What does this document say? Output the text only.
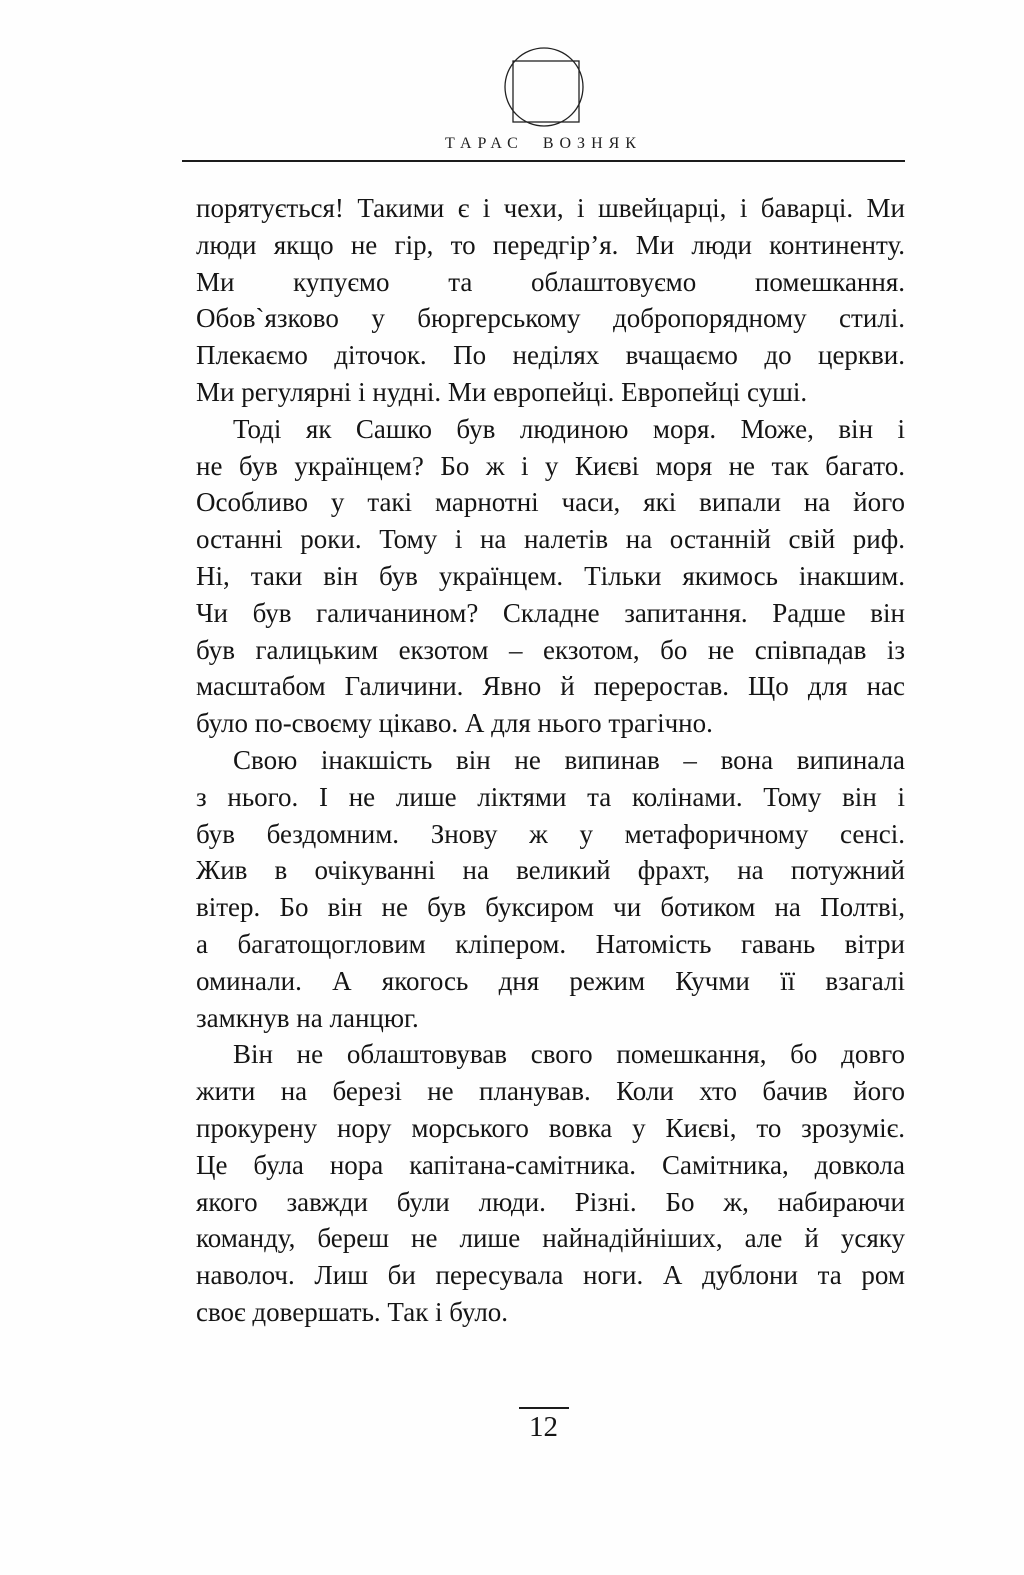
ТАРАС ВОЗНЯК
порятується! Такими є і чехи, і швейцарці, і баварці. Ми
люди якщо не гір, то передгір’я. Ми люди континенту.
Ми купуємо та облаштовуємо помешкання.
Обов`язково у бюргерському добропорядному стилі.
Плекаємо діточок. По неділях вчащаємо до церкви.
Ми регулярні і нудні. Ми европейці. Европейці суші.
Тоді як Сашко був людиною моря. Може, він і
не був українцем? Бо ж і у Києві моря не так багато.
Особливо у такі марнотні часи, які випали на його
останні роки. Тому і на налетів на останній свій риф.
Ні, таки він був українцем. Тільки якимось інакшим.
Чи був галичанином? Складне запитання. Радше він
був галицьким екзотом – екзотом, бо не співпадав із
масштабом Галичини. Явно й переростав. Що для нас
було по-своєму цікаво. А для нього трагічно.
Свою інакшість він не випинав – вона випинала
з нього. І не лише ліктями та колінами. Тому він і
був бездомним. Знову ж у метафоричному сенсі.
Жив в очікуванні на великий фрахт, на потужний
вітер. Бо він не був буксиром чи ботиком на Полтві,
а багатощогловим кліпером. Натомість гавань вітри
оминали. А якогось дня режим Кучми її взагалі
замкнув на ланцюг.
Він не облаштовував свого помешкання, бо довго
жити на березі не планував. Коли хто бачив його
прокурену нору морського вовка у Києві, то зрозуміє.
Це була нора капітана-самітника. Самітника, довкола
якого завжди були люди. Різні. Бо ж, набираючи
команду, береш не лише найнадійніших, але й усяку
наволоч. Лиш би пересувала ноги. А дублони та ром
своє довершать. Так і було.
12
